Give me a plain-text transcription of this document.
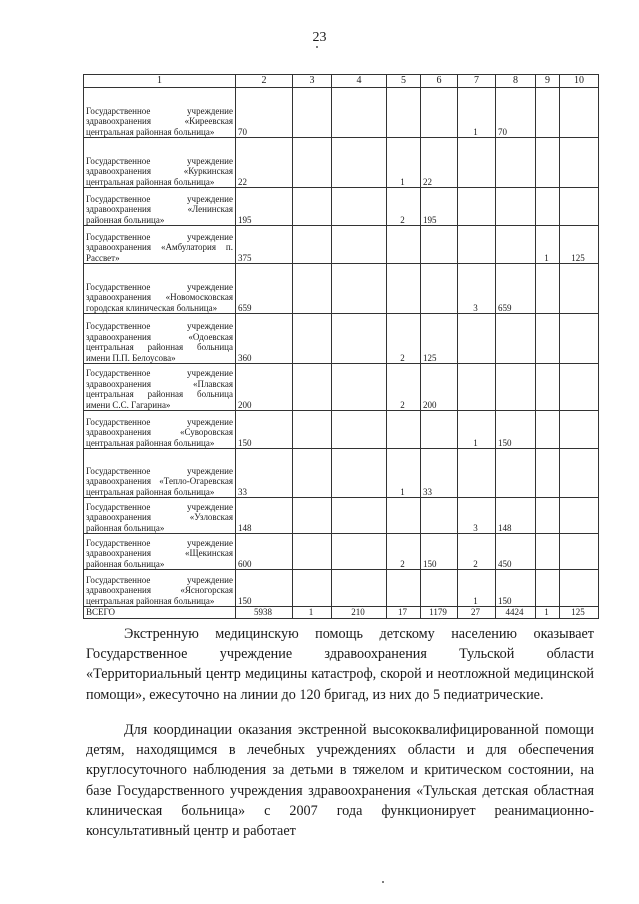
23
1	2	3	4	5	6	7	8	9	10
Государственное учреждение здравоохранения «Киреевская центральная районная больница»	70					1	70		
Государственное учреждение здравоохранения «Куркинская центральная районная больница»	22			1	22				
Государственное учреждение здравоохранения «Ленинская районная больница»	195			2	195				
Государственное учреждение здравоохранения «Амбулатория п. Рассвет»	375							1	125
Государственное учреждение здравоохранения «Новомосковская городская клиническая больница»	659					3	659		
Государственное учреждение здравоохранения «Одоевская центральная районная больница имени П.П. Белоусова»	360			2	125				
Государственное учреждение здравоохранения «Плавская центральная районная больница имени С.С. Гагарина»	200			2	200				
Государственное учреждение здравоохранения «Суворовская центральная районная больница»	150					1	150		
Государственное учреждение здравоохранения «Тепло-Огаревская центральная районная больница»	33			1	33				
Государственное учреждение здравоохранения «Узловская районная больница»	148					3	148		
Государственное учреждение здравоохранения «Щекинская районная больница»	600			2	150	2	450		
Государственное учреждение здравоохранения «Ясногорская центральная районная больница»	150					1	150		
ВСЕГО	5938	1	210	17	1179	27	4424	1	125

Экстренную медицинскую помощь детскому населению оказывает Государственное учреждение здравоохранения Тульской области «Территориальный центр медицины катастроф, скорой и неотложной медицинской помощи», ежесуточно на линии до 120 бригад, из них до 5 педиатрические.

Для координации оказания экстренной высококвалифицированной помощи детям, находящимся в лечебных учреждениях области и для обеспечения круглосуточного наблюдения за детьми в тяжелом и критическом состоянии, на базе Государственного учреждения здравоохранения «Тульская детская областная клиническая больница» с 2007 года функционирует реанимационно-консультативный центр и работает
